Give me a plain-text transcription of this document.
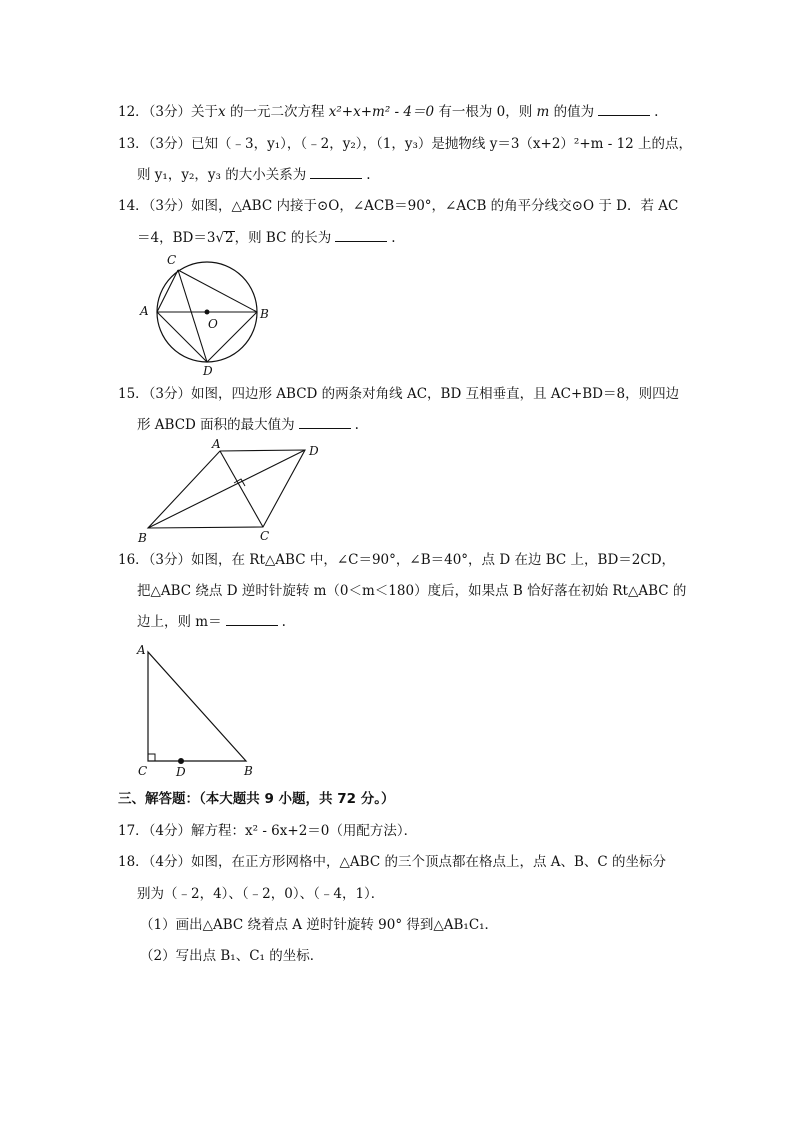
12．（3分）关于x 的一元二次方程 x²+x+m² - 4＝0 有一根为 0，则 m 的值为	.
13．（3分）已知（﹣3，y₁），（﹣2，y₂），（1，y₃）是抛物线 y＝3（x+2）²+m - 12 上的点，
则 y₁，y₂，y₃ 的大小关系为	.
14．（3分）如图，△ABC 内接于⊙O，∠ACB＝90°，∠ACB 的角平分线交⊙O 于 D．若 AC
＝4，BD＝3√2，则 BC 的长为	.
C
A
O
B
D
15．（3分）如图，四边形 ABCD 的两条对角线 AC，BD 互相垂直，且 AC+BD＝8，则四边
形 ABCD 面积的最大值为	.
A	D
B	C
16．（3分）如图，在 Rt△ABC 中，∠C＝90°，∠B＝40°，点 D 在边 BC 上，BD＝2CD，
把△ABC 绕点 D 逆时针旋转 m（0＜m＜180）度后，如果点 B 恰好落在初始 Rt△ABC 的
边上，则 m＝	.
A
C D	B
三、解答题：（本大题共 9 小题，共 72 分。）
17．（4分）解方程：x² - 6x+2＝0（用配方法）．
18．（4分）如图，在正方形网格中，△ABC 的三个顶点都在格点上，点 A、B、C 的坐标分
别为（﹣2，4）、（﹣2，0）、（﹣4，1）．
（1）画出△ABC 绕着点 A 逆时针旋转 90° 得到△AB₁C₁．
（2）写出点 B₁、C₁ 的坐标．
